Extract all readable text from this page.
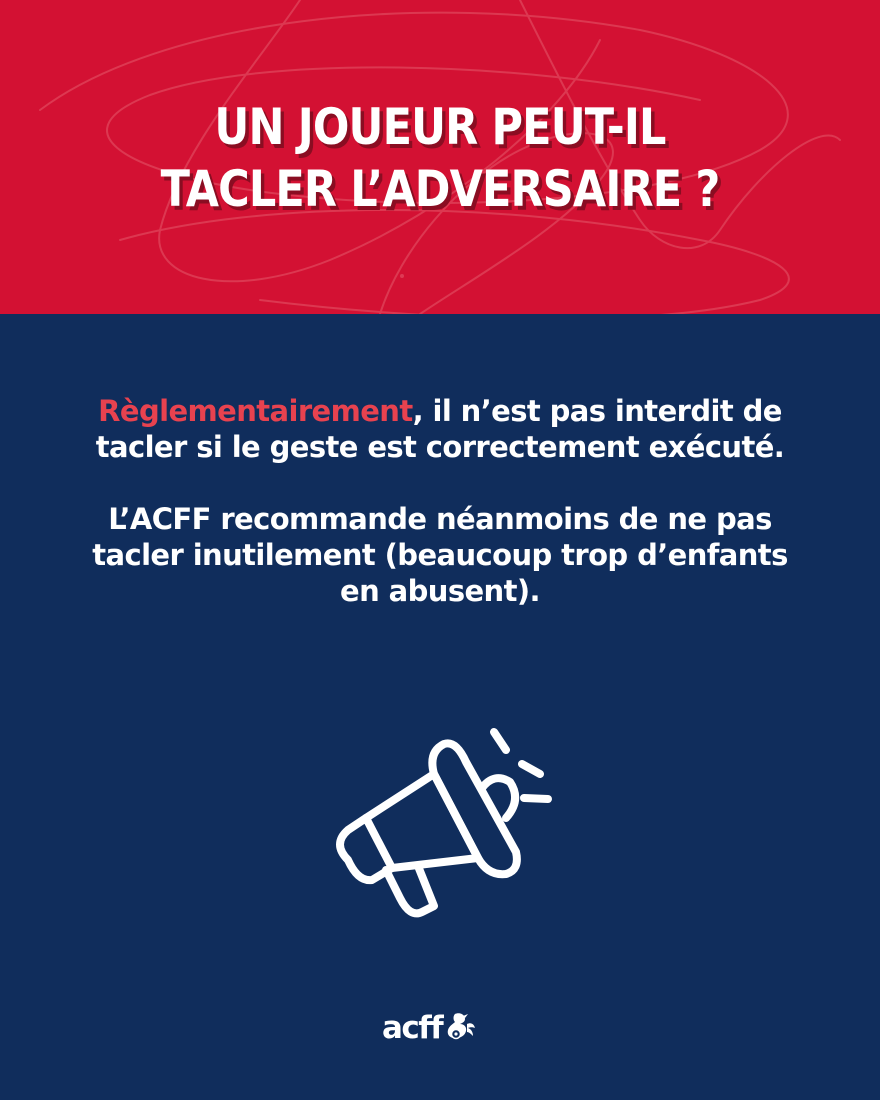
UN JOUEUR PEUT-IL
TACLER L’ADVERSAIRE ?

Règlementairement, il n’est pas interdit de tacler si le geste est correctement exécuté.

L’ACFF recommande néanmoins de ne pas tacler inutilement (beaucoup trop d’enfants en abusent).

acff
